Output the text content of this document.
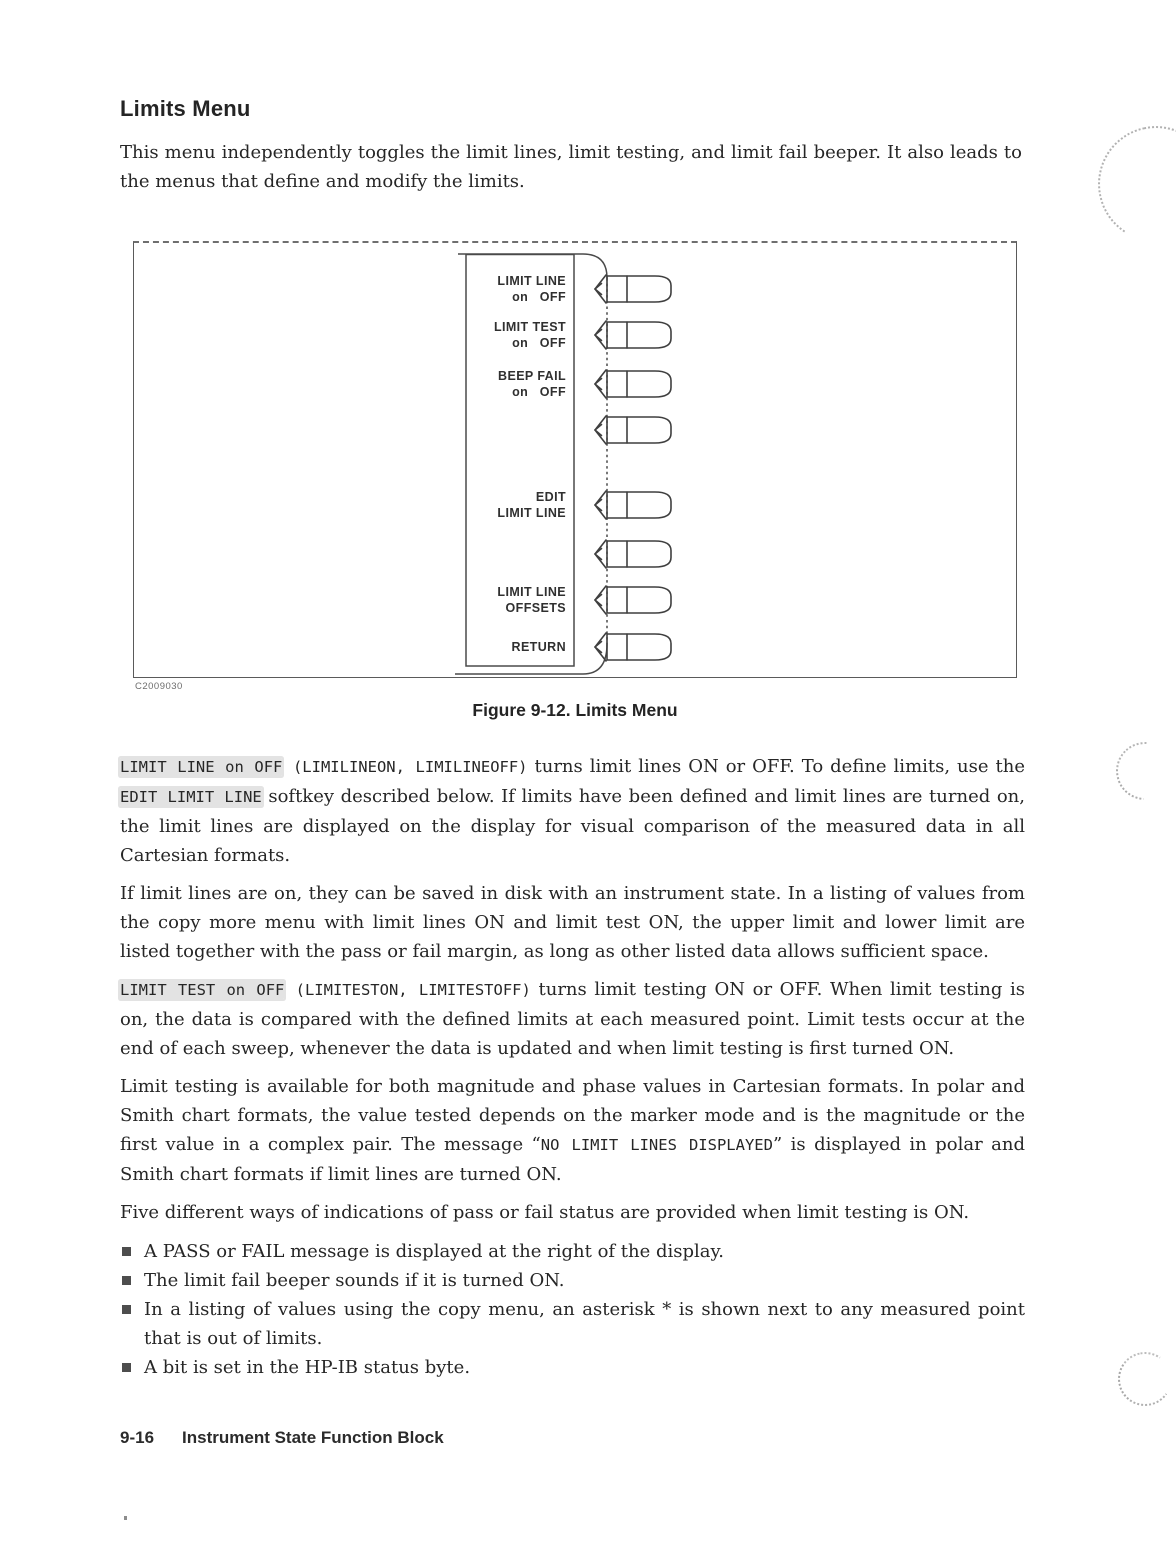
Limits Menu
This menu independently toggles the limit lines, limit testing, and limit fail beeper. It also leads to the menus that define and modify the limits.
LIMIT LINE
on   OFF
LIMIT TEST
on   OFF
BEEP FAIL
on   OFF
EDIT
LIMIT LINE
LIMIT LINE
OFFSETS
RETURN
C2009030
Figure 9-12. Limits Menu

LIMIT LINE on OFF (LIMILINEON, LIMILINEOFF) turns limit lines ON or OFF. To define limits, use the EDIT LIMIT LINE softkey described below. If limits have been defined and limit lines are turned on, the limit lines are displayed on the display for visual comparison of the measured data in all Cartesian formats.

If limit lines are on, they can be saved in disk with an instrument state. In a listing of values from the copy more menu with limit lines ON and limit test ON, the upper limit and lower limit are listed together with the pass or fail margin, as long as other listed data allows sufficient space.

LIMIT TEST on OFF (LIMITESTON, LIMITESTOFF) turns limit testing ON or OFF. When limit testing is on, the data is compared with the defined limits at each measured point. Limit tests occur at the end of each sweep, whenever the data is updated and when limit testing is first turned ON.

Limit testing is available for both magnitude and phase values in Cartesian formats. In polar and Smith chart formats, the value tested depends on the marker mode and is the magnitude or the first value in a complex pair. The message “NO LIMIT LINES DISPLAYED” is displayed in polar and Smith chart formats if limit lines are turned ON.

Five different ways of indications of pass or fail status are provided when limit testing is ON.

A PASS or FAIL message is displayed at the right of the display.
The limit fail beeper sounds if it is turned ON.
In a listing of values using the copy menu, an asterisk * is shown next to any measured point that is out of limits.
A bit is set in the HP-IB status byte.
9-16 Instrument State Function Block
